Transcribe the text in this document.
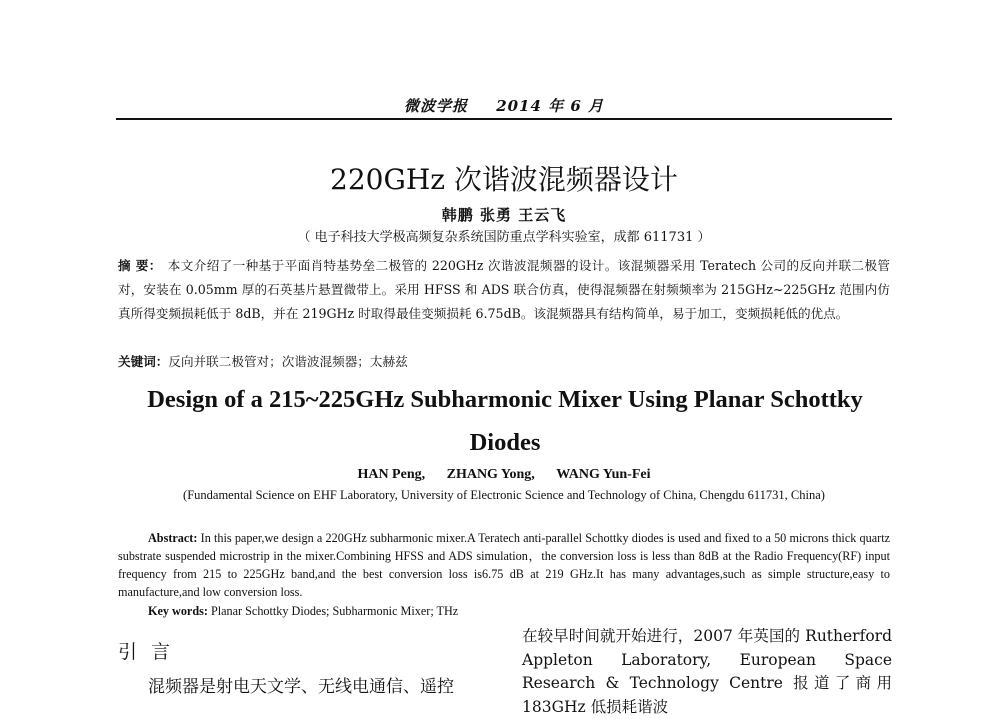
微波学报 2014 年 6 月
220GHz 次谐波混频器设计
韩鹏 张勇 王云飞
（ 电子科技大学极高频复杂系统国防重点学科实验室，成都 611731 ）
摘 要： 本文介绍了一种基于平面肖特基势垒二极管的 220GHz 次谐波混频器的设计。该混频器采用 Teratech 公司的反向并联二极管对，安装在 0.05mm 厚的石英基片悬置微带上。采用 HFSS 和 ADS 联合仿真，使得混频器在射频频率为 215GHz~225GHz 范围内仿真所得变频损耗低于 8dB，并在 219GHz 时取得最佳变频损耗 6.75dB。该混频器具有结构简单，易于加工，变频损耗低的优点。
关键词：反向并联二极管对；次谐波混频器；太赫兹
Design of a 215~225GHz Subharmonic Mixer Using Planar Schottky Diodes
HAN Peng, ZHANG Yong, WANG Yun-Fei
(Fundamental Science on EHF Laboratory, University of Electronic Science and Technology of China, Chengdu 611731, China)
Abstract: In this paper,we design a 220GHz subharmonic mixer.A Teratech anti-parallel Schottky diodes is used and fixed to a 50 microns thick quartz substrate suspended microstrip in the mixer.Combining HFSS and ADS simulation，the conversion loss is less than 8dB at the Radio Frequency(RF) input frequency from 215 to 225GHz band,and the best conversion loss is6.75 dB at 219 GHz.It has many advantages,such as simple structure,easy to manufacture,and low conversion loss.
Key words: Planar Schottky Diodes; Subharmonic Mixer; THz
引言
混频器是射电天文学、无线电通信、遥控
在较早时间就开始进行，2007 年英国的 Rutherford Appleton Laboratory, European Space Research & Technology Centre 报道了商用 183GHz 低损耗谐波
